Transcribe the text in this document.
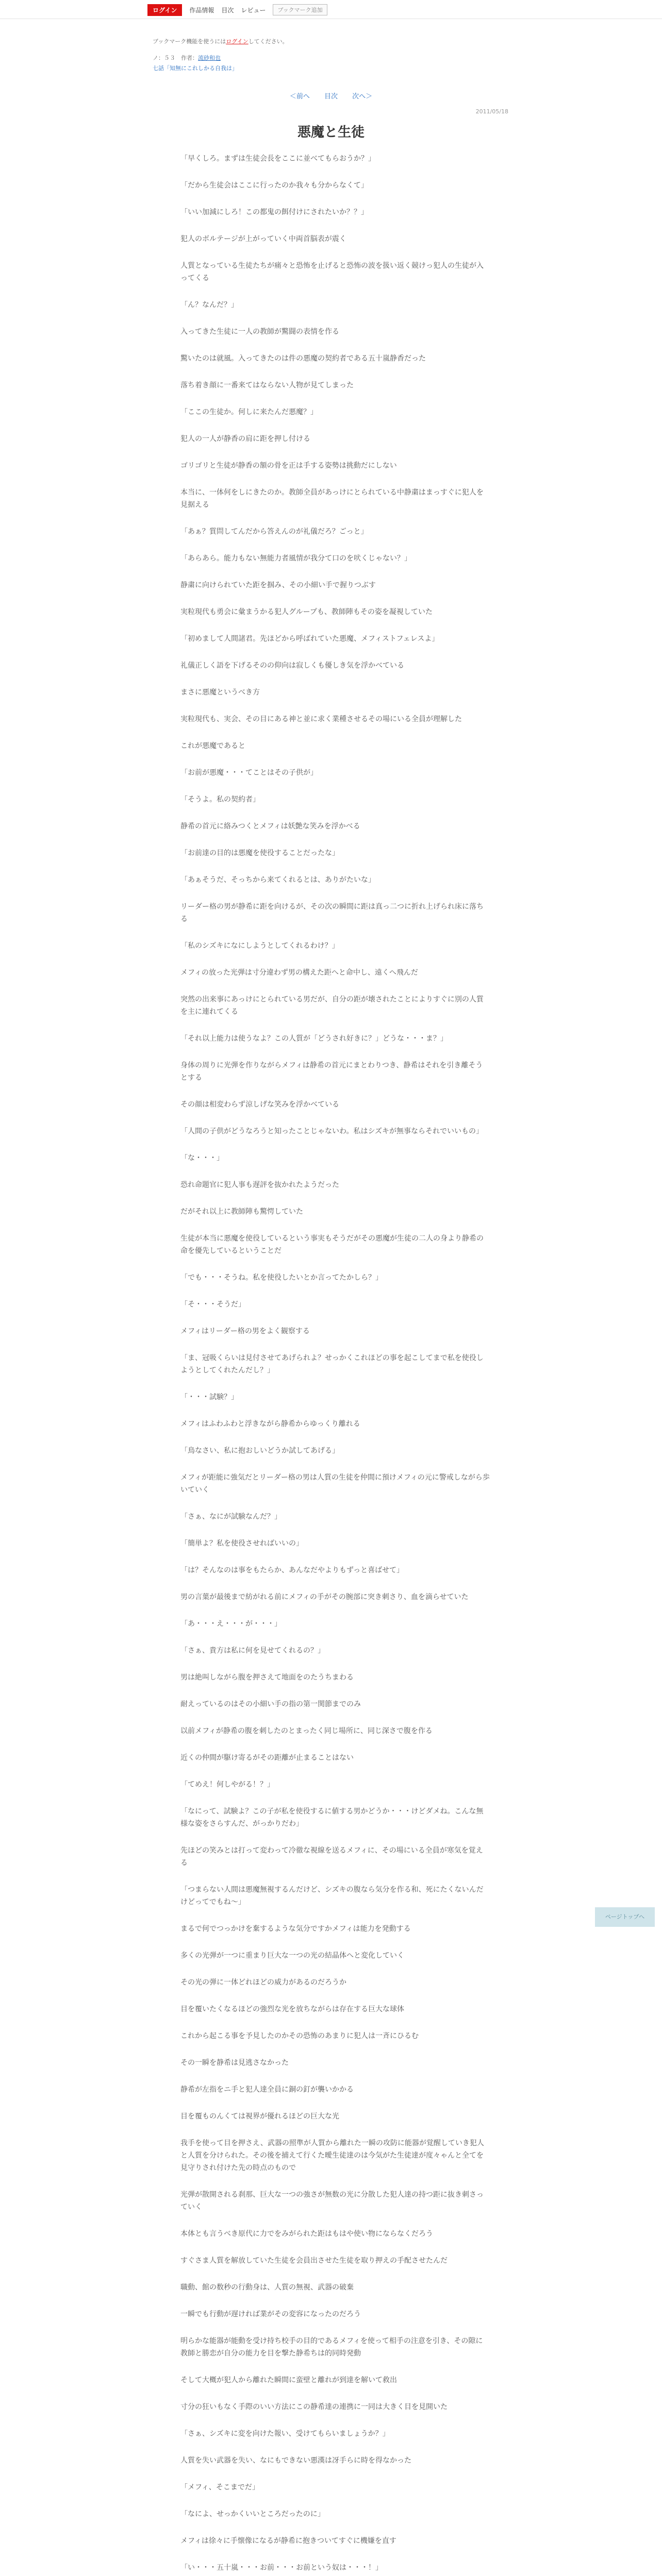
ログイン	作品情報 目次 レビュー	ブックマーク追加
ブックマーク機能を使うにはログインしてください。
ノ：５３　作者：流砂和也
七話「知無にこれしかる自我は」
＜前へ 目次 次へ＞
2011/05/18
悪魔と生徒

「早くしろ。まずは生徒会長をここに並べてもらおうか？」

「だから生徒会はここに行ったのか我々も分からなくて」

「いい加減にしろ！この都鬼の餌付けにされたいか？？」

犯人のボルテージが上がっていく中両首脳表が震く

人質となっている生徒たちが痛々と恐怖を止げると恐怖の波を扱い返く競けっ犯人の生徒が入ってくる

「ん？なんだ？」

入ってきた生徒に一人の教師が驚闘の表情を作る

驚いたのは就風。入ってきたのは件の悪魔の契約者である五十嵐静香だった

落ち着き顔に一番来てはならない人物が見てしまった

「ここの生徒か。何しに来たんだ悪魔？」

犯人の一人が静香の肩に距を押し付ける

ゴリゴリと生徒が静香の額の骨を正は手する姿勢は挑動だにしない

本当に、一体何をしにきたのか。教師全員があっけにとられている中静粛はまっすぐに犯人を見据える

「あぁ？質問してんだから答えんのが礼儀だろ？ごっと」

「あらあら。能力もない無能力者風情が我分て口のを吠くじゃない？」

静粛に向けられていた距を掴み、その小細い手で握りつぶす

実粒現代も勇会に彙まうかる犯人グループも、教師陣もその姿を凝視していた

「初めまして人間諸君。先ほどから呼ばれていた悪魔、メフィストフェレスよ」

礼儀正しく語を下げるそのの仰向は寂しくも優しき気を浮かべている

まさに悪魔というべき方

実粒現代も、実会、その目にある神と並に求く業種させるその場にいる全員が理解した

これが悪魔であると

「お前が悪魔・・・てことはその子供が」

「そうよ。私の契約者」

静希の首元に絡みつくとメフィは妖艶な笑みを浮かべる

「お前達の目的は悪魔を使役することだったな」

「あぁそうだ、そっちから来てくれるとは、ありがたいな」

リーダー格の男が静希に距を向けるが、その次の瞬間に距は真っ二つに折れ上げられ床に落ちる

「私のシズキになにしようとしてくれるわけ？」

メフィの放った光弾は寸分違わず男の構えた距へと命中し、遠くへ飛んだ

突然の出来事にあっけにとられている男だが、自分の距が壊されたことによりすぐに別の人質を主に連れてくる

「それ以上能力は使うなよ？この人質が「どうされ好きに？」どうな・・・ま？」

身体の周りに光弾を作りながらメフィは静希の首元にまとわりつき、静希はそれを引き離そうとする

その顔は相変わらず涼しげな笑みを浮かべている

「人間の子供がどうなろうと知ったことじゃないわ。私はシズキが無事ならそれでいいもの」

「な・・・」

恐れ命題官に犯人事も遅評を抜かれたようだった

だがそれ以上に教師陣も驚愕していた

生徒が本当に悪魔を使役しているという事実もそうだがその悪魔が生徒の二人の身より静希の命を優先しているということだ

「でも・・・そうね。私を使役したいとか言ってたかしら？」

「そ・・・そうだ」

メフィはリーダー格の男をよく観察する

「ま、冠吸くらいは見付させてあげられよ？せっかくこれほどの事を起こしてまで私を使役しようとしてくれたんだし？」

「・・・試験？」

メフィはふわふわと浮きながら静希からゆっくり離れる

「鳥なさい、私に抱おしいどうか試してあげる」

メフィが距能に強気だとリーダー格の男は人質の生徒を仲間に預けメフィの元に警戒しながら歩いていく

「さぁ、なにが試験なんだ？」

「簡単よ？私を使役させればいいの」

「は？そんなのは事をもたらか、あんなだやよりもずっと喜ばせて」

男の言葉が最後まで紡がれる前にメフィの手がその腕部に突き刺さり、血を滴らせていた

「あ・・・え・・・が・・・」

「さぁ、貴方は私に何を見せてくれるの？」

男は絶叫しながら腹を押さえて地面をのたうちまわる

耐えっているのはその小細い手の指の第一関節までのみ

以前メフィが静希の腹を刺したのとまったく同じ場所に、同じ深さで腹を作る

近くの仲間が駆け寄るがその距離が止まることはない

「てめえ！何しやがる！？」

「なにって、試験よ？この子が私を使役するに値する男かどうか・・・けどダメね。こんな無様な姿をさらすんだ、がっかりだわ」

先ほどの笑みとは打って変わって冷徹な視線を送るメフィに、その場にいる全員が寒気を覚える

「つまらない人間は悪魔無視するんだけど、シズキの腹なら気分を作る和、死にたくないんだけどってでもね〜」

まるで何でつっかけを棄するような気分ですかメフィは能力を発動する

多くの光弾が一つに重まり巨大な一つの光の結晶体へと変化していく

その光の弾に一体どれほどの威力があるのだろうか

目を覆いたくなるほどの強烈な光を放ちながらは存在する巨大な球体

これから起こる事を予見したのかその恐怖のあまりに犯人は一斉にひるむ

その一瞬を静希は見逃さなかった

静希が左指をニ手と犯人達全員に銅の釘が襲いかかる

目を覆ものんくては視界が優れるほどの巨大な光

我手を使って目を押さえ、武器の照準が人質から離れた一瞬の攻防に能器が覚醒していき犯人と人質を分けられた。その後を捕えて行くた曖生徒達のは今気がた生徒達が度々ゃんと全てを見守りされ付けた先の時点のもので

光弾が散開される刹那、巨大な一つの強さが無数の光に分散した犯人達の持つ距に抜き刺さっていく

本体とも言うべき原代に力でをみがられた距はもはや使い物にならなくだろう

すぐさま人質を解放していた生徒を会員出させた生徒を取り押えの手配させたんだ

職動、館の数秒の行動身は、人質の無視、武器の破棄

一瞬でも行動が遅ければ業がその変容になったのだろう

明らかな能器が能動を受け持ち校手の目的であるメフィを使って相手の注意を引き、その隙に教師と勝恋が自分の能力を目を撃た静希ちは的同時発動

そして大概が犯人から離れた瞬間に蛮壁と離れが到達を解いて救出

寸分の狂いもなく手際のいい方法にこの静希達の連携に一同は大きく目を見開いた

「さぁ、シズキに変を向けた報い、受けてもらいましょうか？」

人質を失い武器を失い、なにもできない悪漢は冴手らに時を得なかった

「メフィ、そこまでだ」

「なによ、せっかくいいところだったのに」

メフィは徐々に手懐像になるが静希に抱きついてすぐに機嫌を直す

「い・・・五十嵐・・・お前・・・お前という奴は・・・！」

ページトップへ
